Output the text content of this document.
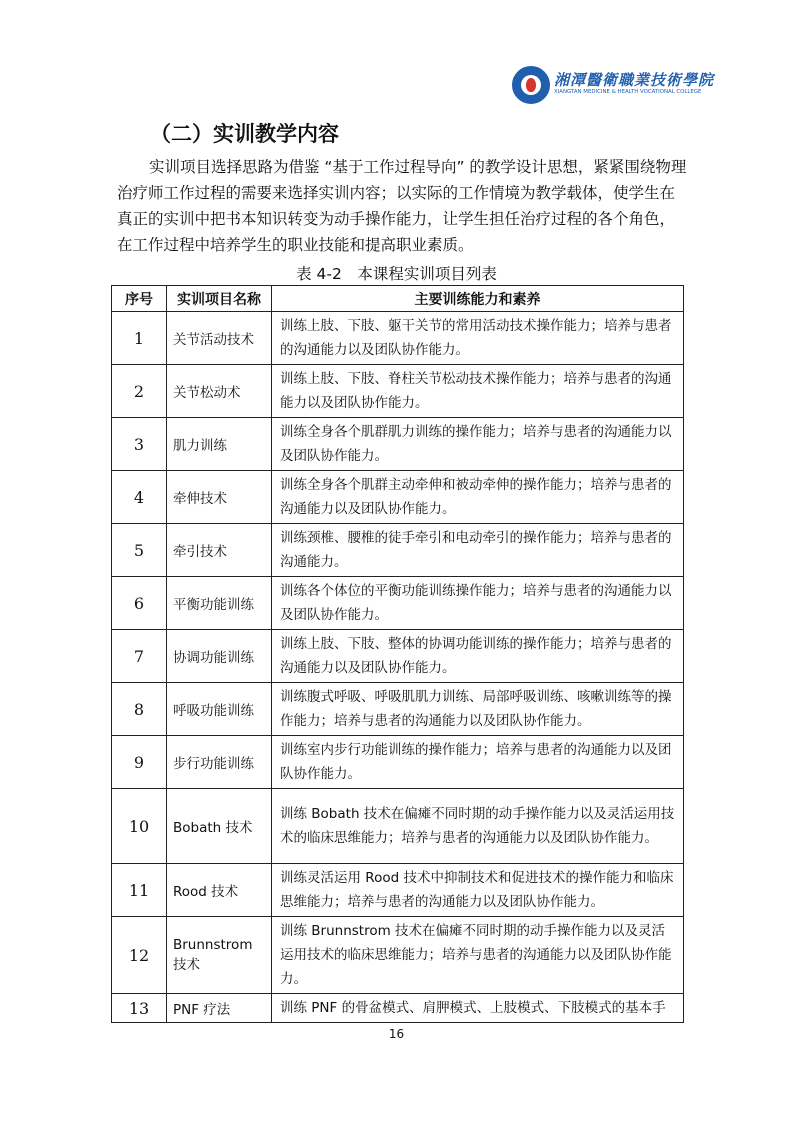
湘潭醫衛職業技術學院
XIANGTAN MEDICINE & HEALTH VOCATIONAL COLLEGE
（二）实训教学内容
实训项目选择思路为借鉴 “基于工作过程导向” 的教学设计思想，紧紧围绕物理治疗师工作过程的需要来选择实训内容；以实际的工作情境为教学载体，使学生在真正的实训中把书本知识转变为动手操作能力，让学生担任治疗过程的各个角色，在工作过程中培养学生的职业技能和提高职业素质。
表 4-2　本课程实训项目列表
序号	实训项目名称	主要训练能力和素养
1	关节活动技术	训练上肢、下肢、躯干关节的常用活动技术操作能力；培养与患者的沟通能力以及团队协作能力。
2	关节松动术	训练上肢、下肢、脊柱关节松动技术操作能力；培养与患者的沟通能力以及团队协作能力。
3	肌力训练	训练全身各个肌群肌力训练的操作能力；培养与患者的沟通能力以及团队协作能力。
4	牵伸技术	训练全身各个肌群主动牵伸和被动牵伸的操作能力；培养与患者的沟通能力以及团队协作能力。
5	牵引技术	训练颈椎、腰椎的徒手牵引和电动牵引的操作能力；培养与患者的沟通能力。
6	平衡功能训练	训练各个体位的平衡功能训练操作能力；培养与患者的沟通能力以及团队协作能力。
7	协调功能训练	训练上肢、下肢、整体的协调功能训练的操作能力；培养与患者的沟通能力以及团队协作能力。
8	呼吸功能训练	训练腹式呼吸、呼吸肌肌力训练、局部呼吸训练、咳嗽训练等的操作能力；培养与患者的沟通能力以及团队协作能力。
9	步行功能训练	训练室内步行功能训练的操作能力；培养与患者的沟通能力以及团队协作能力。
10	Bobath 技术	训练 Bobath 技术在偏瘫不同时期的动手操作能力以及灵活运用技术的临床思维能力；培养与患者的沟通能力以及团队协作能力。
11	Rood 技术	训练灵活运用 Rood 技术中抑制技术和促进技术的操作能力和临床思维能力；培养与患者的沟通能力以及团队协作能力。
12	Brunnstrom 技术	训练 Brunnstrom 技术在偏瘫不同时期的动手操作能力以及灵活运用技术的临床思维能力；培养与患者的沟通能力以及团队协作能力。
13	PNF 疗法	训练 PNF 的骨盆模式、肩胛模式、上肢模式、下肢模式的基本手
16
